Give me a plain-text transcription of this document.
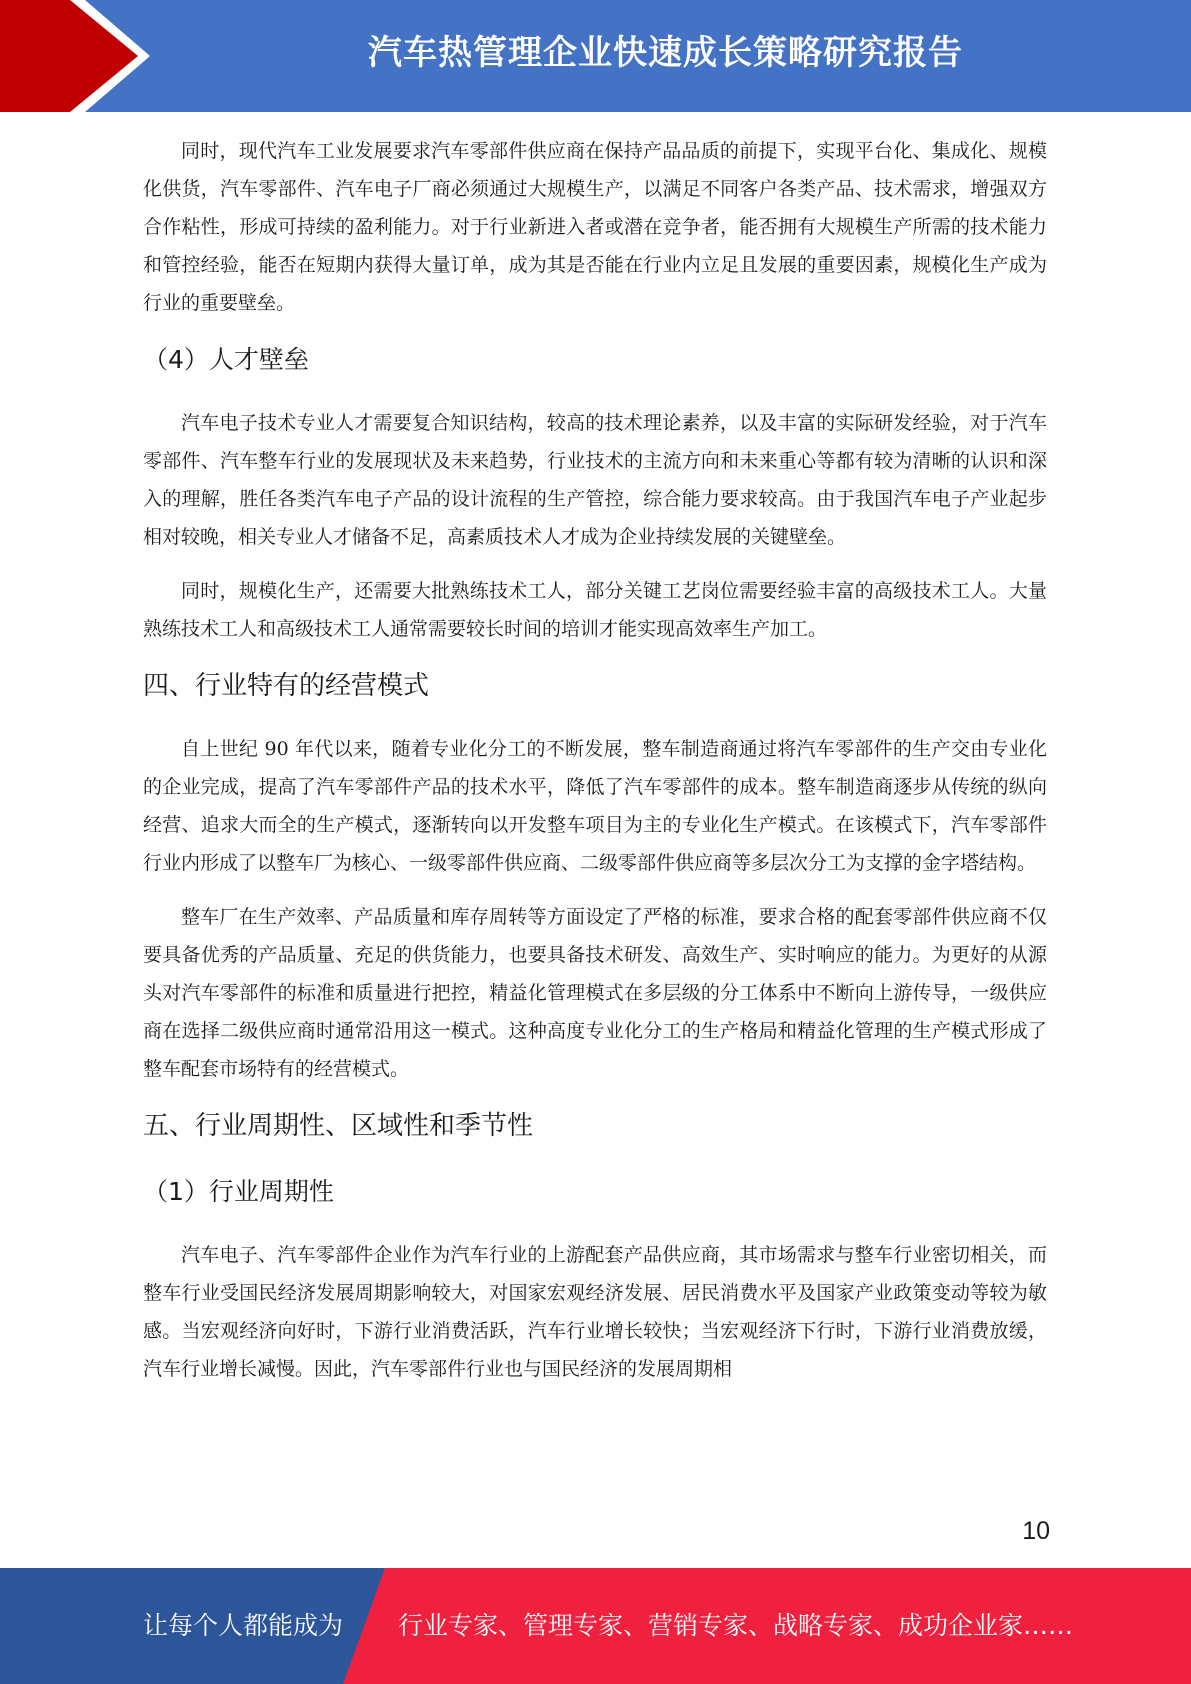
汽车热管理企业快速成长策略研究报告

同时，现代汽车工业发展要求汽车零部件供应商在保持产品品质的前提下，实现平台化、集成化、规模化供货，汽车零部件、汽车电子厂商必须通过大规模生产，以满足不同客户各类产品、技术需求，增强双方合作粘性，形成可持续的盈利能力。对于行业新进入者或潜在竞争者，能否拥有大规模生产所需的技术能力和管控经验，能否在短期内获得大量订单，成为其是否能在行业内立足且发展的重要因素，规模化生产成为行业的重要壁垒。

（4）人才壁垒

汽车电子技术专业人才需要复合知识结构，较高的技术理论素养，以及丰富的实际研发经验，对于汽车零部件、汽车整车行业的发展现状及未来趋势，行业技术的主流方向和未来重心等都有较为清晰的认识和深入的理解，胜任各类汽车电子产品的设计流程的生产管控，综合能力要求较高。由于我国汽车电子产业起步相对较晚，相关专业人才储备不足，高素质技术人才成为企业持续发展的关键壁垒。

同时，规模化生产，还需要大批熟练技术工人，部分关键工艺岗位需要经验丰富的高级技术工人。大量熟练技术工人和高级技术工人通常需要较长时间的培训才能实现高效率生产加工。

四、行业特有的经营模式

自上世纪 90 年代以来，随着专业化分工的不断发展，整车制造商通过将汽车零部件的生产交由专业化的企业完成，提高了汽车零部件产品的技术水平，降低了汽车零部件的成本。整车制造商逐步从传统的纵向经营、追求大而全的生产模式，逐渐转向以开发整车项目为主的专业化生产模式。在该模式下，汽车零部件行业内形成了以整车厂为核心、一级零部件供应商、二级零部件供应商等多层次分工为支撑的金字塔结构。

整车厂在生产效率、产品质量和库存周转等方面设定了严格的标准，要求合格的配套零部件供应商不仅要具备优秀的产品质量、充足的供货能力，也要具备技术研发、高效生产、实时响应的能力。为更好的从源头对汽车零部件的标准和质量进行把控，精益化管理模式在多层级的分工体系中不断向上游传导，一级供应商在选择二级供应商时通常沿用这一模式。这种高度专业化分工的生产格局和精益化管理的生产模式形成了整车配套市场特有的经营模式。

五、行业周期性、区域性和季节性
（1）行业周期性

汽车电子、汽车零部件企业作为汽车行业的上游配套产品供应商，其市场需求与整车行业密切相关，而整车行业受国民经济发展周期影响较大，对国家宏观经济发展、居民消费水平及国家产业政策变动等较为敏感。当宏观经济向好时，下游行业消费活跃，汽车行业增长较快；当宏观经济下行时，下游行业消费放缓，汽车行业增长减慢。因此，汽车零部件行业也与国民经济的发展周期相

10
让每个人都能成为 行业专家、管理专家、营销专家、战略专家、成功企业家……
